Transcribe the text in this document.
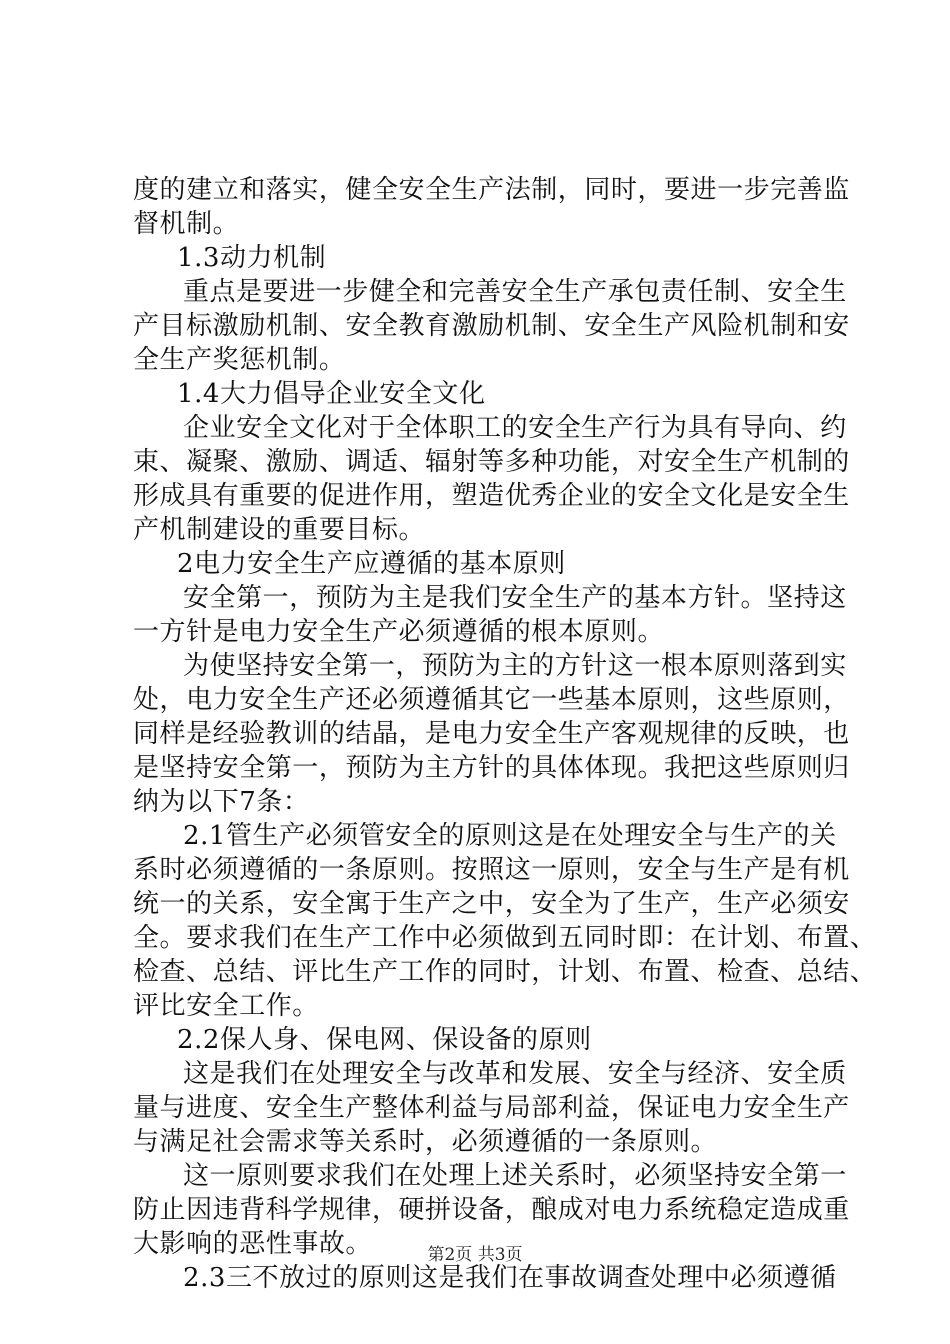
度的建立和落实，健全安全生产法制，同时，要进一步完善监
督机制。
1.3动力机制
重点是要进一步健全和完善安全生产承包责任制、安全生
产目标激励机制、安全教育激励机制、安全生产风险机制和安
全生产奖惩机制。
1.4大力倡导企业安全文化
企业安全文化对于全体职工的安全生产行为具有导向、约
束、凝聚、激励、调适、辐射等多种功能，对安全生产机制的
形成具有重要的促进作用，塑造优秀企业的安全文化是安全生
产机制建设的重要目标。
2电力安全生产应遵循的基本原则
安全第一，预防为主是我们安全生产的基本方针。坚持这
一方针是电力安全生产必须遵循的根本原则。
为使坚持安全第一，预防为主的方针这一根本原则落到实
处，电力安全生产还必须遵循其它一些基本原则，这些原则，
同样是经验教训的结晶，是电力安全生产客观规律的反映，也
是坚持安全第一，预防为主方针的具体体现。我把这些原则归
纳为以下7条：
2.1管生产必须管安全的原则这是在处理安全与生产的关
系时必须遵循的一条原则。按照这一原则，安全与生产是有机
统一的关系，安全寓于生产之中，安全为了生产，生产必须安
全。要求我们在生产工作中必须做到五同时即：在计划、布置、
检查、总结、评比生产工作的同时，计划、布置、检查、总结、
评比安全工作。
2.2保人身、保电网、保设备的原则
这是我们在处理安全与改革和发展、安全与经济、安全质
量与进度、安全生产整体利益与局部利益，保证电力安全生产
与满足社会需求等关系时，必须遵循的一条原则。
这一原则要求我们在处理上述关系时，必须坚持安全第一
防止因违背科学规律，硬拼设备，酿成对电力系统稳定造成重
大影响的恶性事故。
2.3三不放过的原则这是我们在事故调查处理中必须遵循
第2页 共3页
